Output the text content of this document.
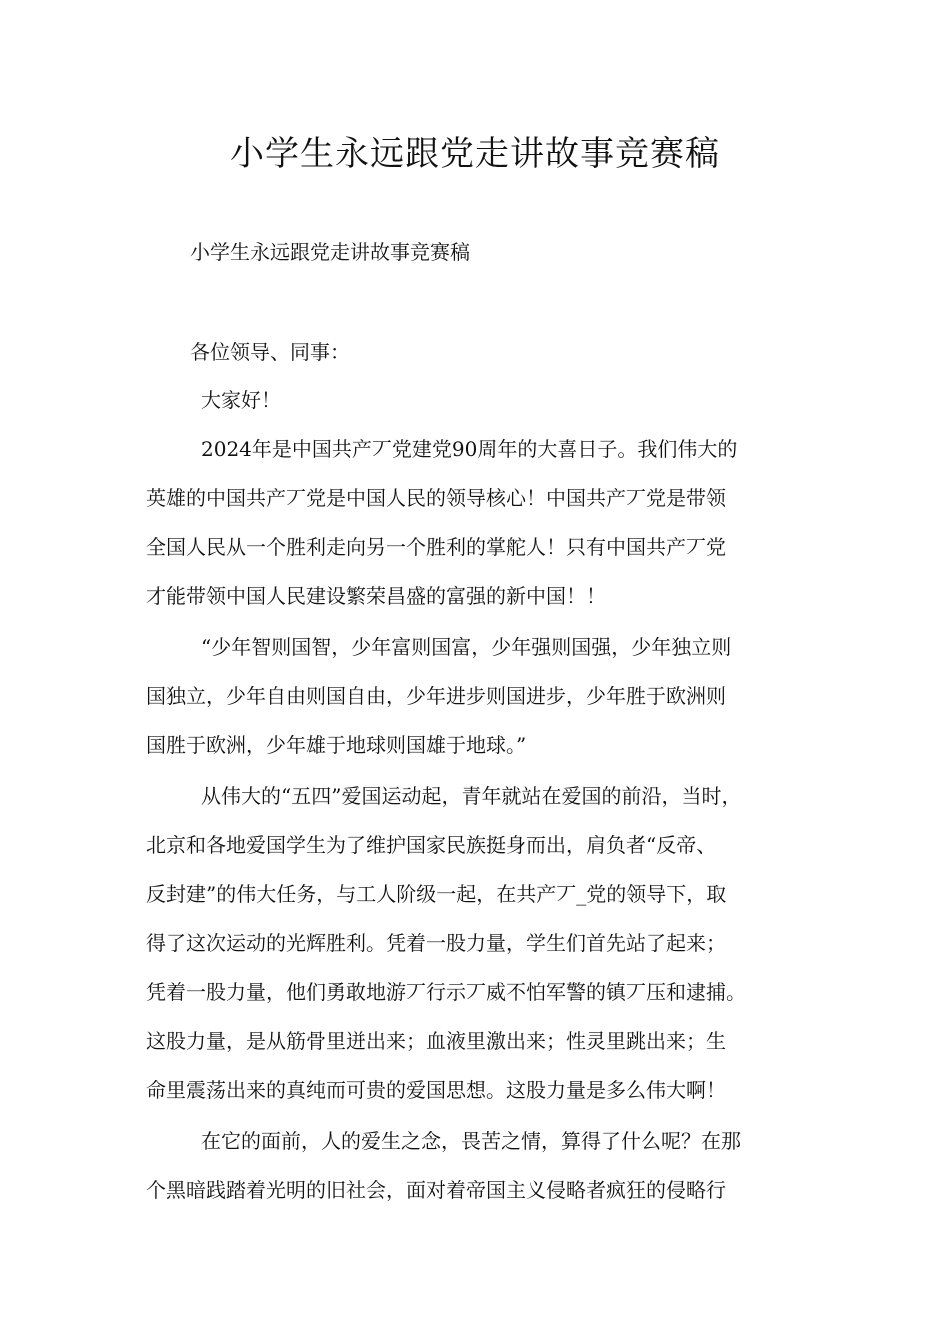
小学生永远跟党走讲故事竞赛稿

小学生永远跟党走讲故事竞赛稿

各位领导、同事：

大家好！

2024年是中国共产丆党建党90周年的大喜日子。我们伟大的

英雄的中国共产丆党是中国人民的领导核心！中国共产丆党是带领

全国人民从一个胜利走向另一个胜利的掌舵人！只有中国共产丆党

才能带领中国人民建设繁荣昌盛的富强的新中国！！

“少年智则国智，少年富则国富，少年强则国强，少年独立则

国独立，少年自由则国自由，少年进步则国进步，少年胜于欧洲则

国胜于欧洲，少年雄于地球则国雄于地球。”

从伟大的“五四”爱国运动起，青年就站在爱国的前沿，当时，

北京和各地爱国学生为了维护国家民族挺身而出，肩负者“反帝、

反封建”的伟大任务，与工人阶级一起，在共产丆_党的领导下，取

得了这次运动的光辉胜利。凭着一股力量，学生们首先站了起来；

凭着一股力量，他们勇敢地游丆行示丆威不怕军警的镇丆压和逮捕。

这股力量，是从筋骨里迸出来；血液里激出来；性灵里跳出来；生

命里震荡出来的真纯而可贵的爱国思想。这股力量是多么伟大啊！

在它的面前，人的爱生之念，畏苦之情，算得了什么呢？在那

个黑暗践踏着光明的旧社会，面对着帝国主义侵略者疯狂的侵略行
